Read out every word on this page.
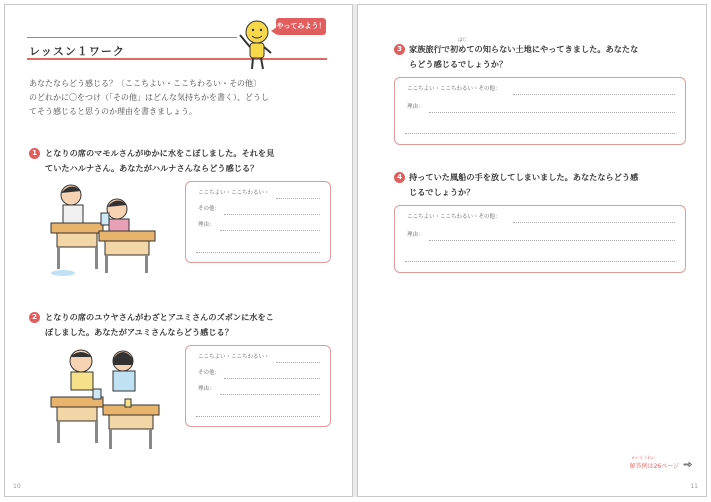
レッスン１ワーク
やってみよう！

あなたならどう感じる？〔ここちよい・ここちわるい・その他〕

のどれかに〇をつけ（「その他」はどんな気持ちかを書く）、どうし

てそう感じると思うのか理由を書きましょう。

1 となりの席のマモルさんがゆかに水をこぼしました。それを見

ていたハルナさん。あなたがハルナさんならどう感じる？

ここちよい・ここちわるい・
その他：
理由：
2 となりの席のユウヤさんがわざとアユミさんのズボンに水をこ

ぼしました。あなたがアユミさんならどう感じる？

ここちよい・ここちわるい・
その他：
理由：
10
3
はじ

家族旅行で初めての知らない土地にやってきました。あなたな

らどう感じるでしょうか？

ここちよい・ここちわるい・その他：
理由：
4 持っていた風船の手を放してしまいました。あなたならどう感

じるでしょうか？

ここちよい・ここちわるい・その他：
理由：
かいとうれい
解答例は26ページ
11
